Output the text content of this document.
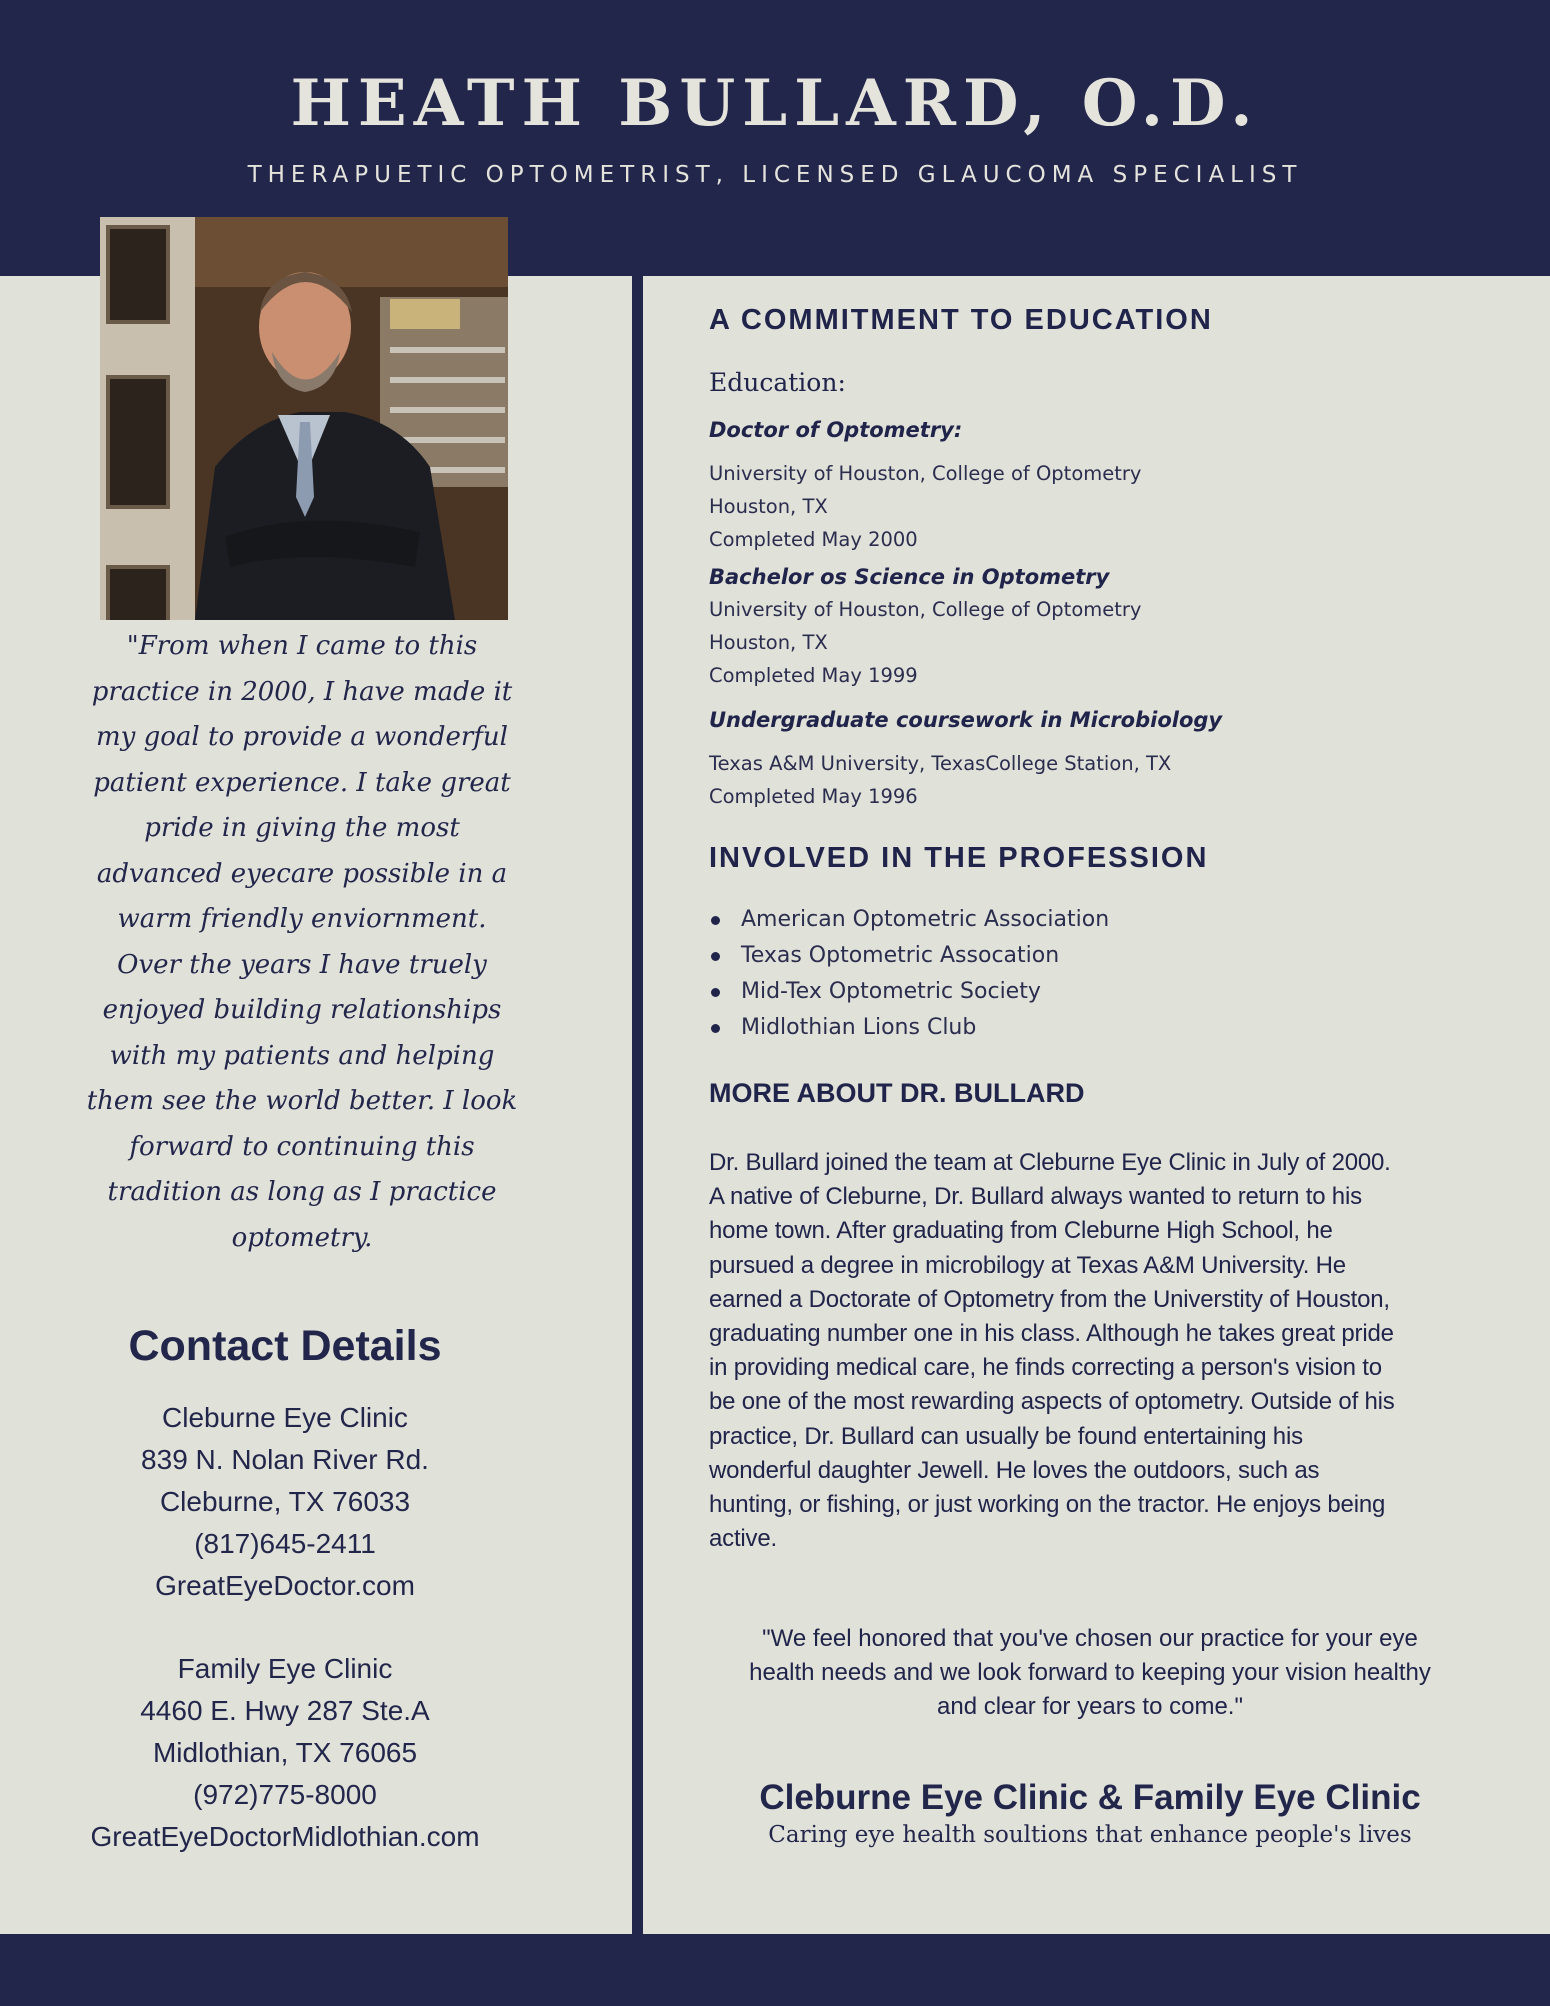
HEATH BULLARD, O.D.

THERAPUETIC OPTOMETRIST, LICENSED GLAUCOMA SPECIALIST

"From when I came to this
practice in 2000, I have made it
my goal to provide a wonderful
patient experience. I take great
pride in giving the most
advanced eyecare possible in a
warm friendly enviornment.
Over the years I have truely
enjoyed building relationships
with my patients and helping
them see the world better. I look
forward to continuing this
tradition as long as I practice
optometry.
Contact Details
Cleburne Eye Clinic
839 N. Nolan River Rd.
Cleburne, TX 76033
(817)645-2411
GreatEyeDoctor.com
Family Eye Clinic
4460 E. Hwy 287 Ste.A
Midlothian, TX 76065
(972)775-8000
GreatEyeDoctorMidlothian.com
A COMMITMENT TO EDUCATION
Education:
Doctor of Optometry:
University of Houston, College of Optometry
Houston, TX
Completed May 2000
Bachelor os Science in Optometry
University of Houston, College of Optometry
Houston, TX
Completed May 1999
Undergraduate coursework in Microbiology
Texas A&M University, TexasCollege Station, TX
Completed May 1996
INVOLVED IN THE PROFESSION
American Optometric Association
Texas Optometric Assocation
Mid-Tex Optometric Society
Midlothian Lions Club
MORE ABOUT DR. BULLARD
Dr. Bullard joined the team at Cleburne Eye Clinic in July of 2000.
A native of Cleburne, Dr. Bullard always wanted to return to his
home town. After graduating from Cleburne High School, he
pursued a degree in microbilogy at Texas A&M University. He
earned a Doctorate of Optometry from the Universtity of Houston,
graduating number one in his class. Although he takes great pride
in providing medical care, he finds correcting a person's vision to
be one of the most rewarding aspects of optometry. Outside of his
practice, Dr. Bullard can usually be found entertaining his
wonderful daughter Jewell. He loves the outdoors, such as
hunting, or fishing, or just working on the tractor. He enjoys being
active.
"We feel honored that you've chosen our practice for your eye
health needs and we look forward to keeping your vision healthy
and clear for years to come."
Cleburne Eye Clinic & Family Eye Clinic
Caring eye health soultions that enhance people's lives
